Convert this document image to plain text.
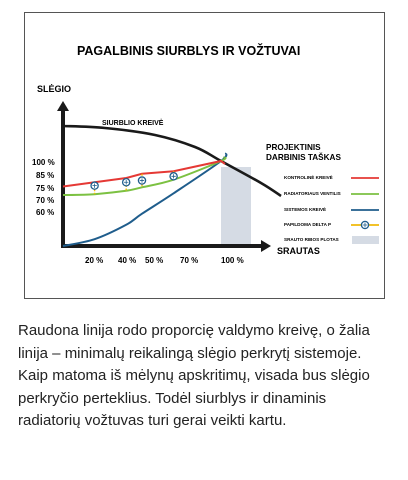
PAGALBINIS SIURBLYS IR VOŽTUVAI
SLĖGIO
SRAUTAS
SIURBLIO KREIVĖ
100 %
85 %
75 %
70 %
60 %
20 % 40 % 50 % 70 %	100 %
PROJEKTINIS
DARBINIS TAŠKAS
KONTROLINĖ KREIVĖ
RADIATORIAUS VENTILIS
SISTEMOS KREIVĖ
PAPILDOMA DELTA P
SRAUTO RIBOS PLOTAS
Raudona linija rodo proporcię valdymo kreivę, o žalia linija – minimalų reikalingą slėgio perkrytį sistemoje. Kaip matoma iš mėlynų apskritimų, visada bus slėgio perkryčio perteklius. Todėl siurblys ir dinaminis radiatorių vožtuvas turi gerai veikti kartu.
